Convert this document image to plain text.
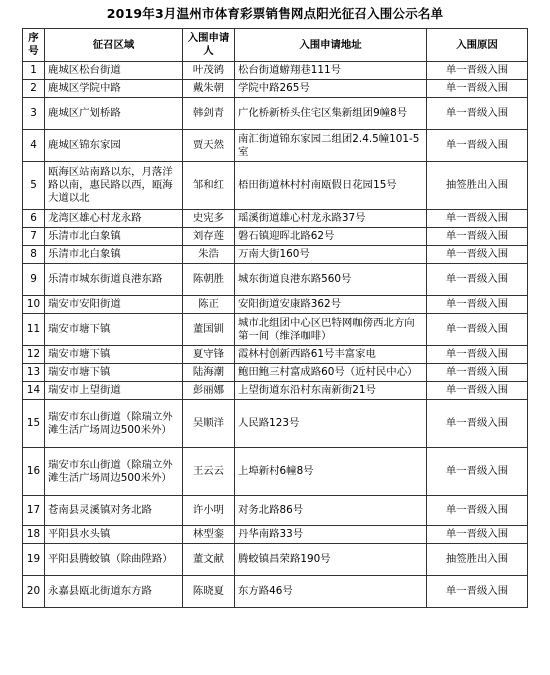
2019年3月温州市体育彩票销售网点阳光征召入围公示名单
序号	征召区域	入围申请人	入围申请地址	入围原因
1	鹿城区松台街道	叶茂鹆	松台街道蝣翔巷111号	单一晋级入围
2	鹿城区学院中路	戴朱朝	学院中路265号	单一晋级入围
3	鹿城区广划桥路	韩剑青	广化桥新桥头住宅区集新组团9幢8号	单一晋级入围
4	鹿城区锦东家园	贾天然	南汇街道锦东家园二组团2.4.5幢101-5室	单一晋级入围
5	瓯海区站南路以东，月落洋路以南，惠民路以西，瓯海大道以北	邹和红	梧田街道林村村南瓯假日花园15号	抽签胜出入围
6	龙湾区雄心村龙永路	史宪多	瑶溪街道雄心村龙永路37号	单一晋级入围
7	乐清市北白象镇	刘存莲	磐石镇迎晖北路62号	单一晋级入围
8	乐清市北白象镇	朱浩	万南大街160号	单一晋级入围
9	乐清市城东街道良港东路	陈朝胜	城东街道良港东路560号	单一晋级入围
10	瑞安市安阳街道	陈正	安阳街道安康路362号	单一晋级入围
11	瑞安市塘下镇	董国钏	城市北组团中心区巴特网咖傍西北方向第一间（维泽咖啡）	单一晋级入围
12	瑞安市塘下镇	夏守锋	霞林村创新西路61号丰富家电	单一晋级入围
13	瑞安市塘下镇	陆海潮	鲍田鲍三村富成路60号（近村民中心）	单一晋级入围
14	瑞安市上望街道	彭丽娜	上望街道东沿村东南新街21号	单一晋级入围
15	瑞安市东山街道（除瑞立外滩生活广场周边500米外）	吴顺洋	人民路123号	单一晋级入围
16	瑞安市东山街道（除瑞立外滩生活广场周边500米外）	王云云	上埠新村6幢8号	单一晋级入围
17	苍南县灵溪镇对务北路	许小明	对务北路86号	单一晋级入围
18	平阳县水头镇	林型銮	丹华南路33号	单一晋级入围
19	平阳县腾蛟镇（除曲陞路）	董文献	腾蛟镇昌荣路190号	抽签胜出入围
20	永嘉县瓯北街道东方路	陈晓夏	东方路46号	单一晋级入围
